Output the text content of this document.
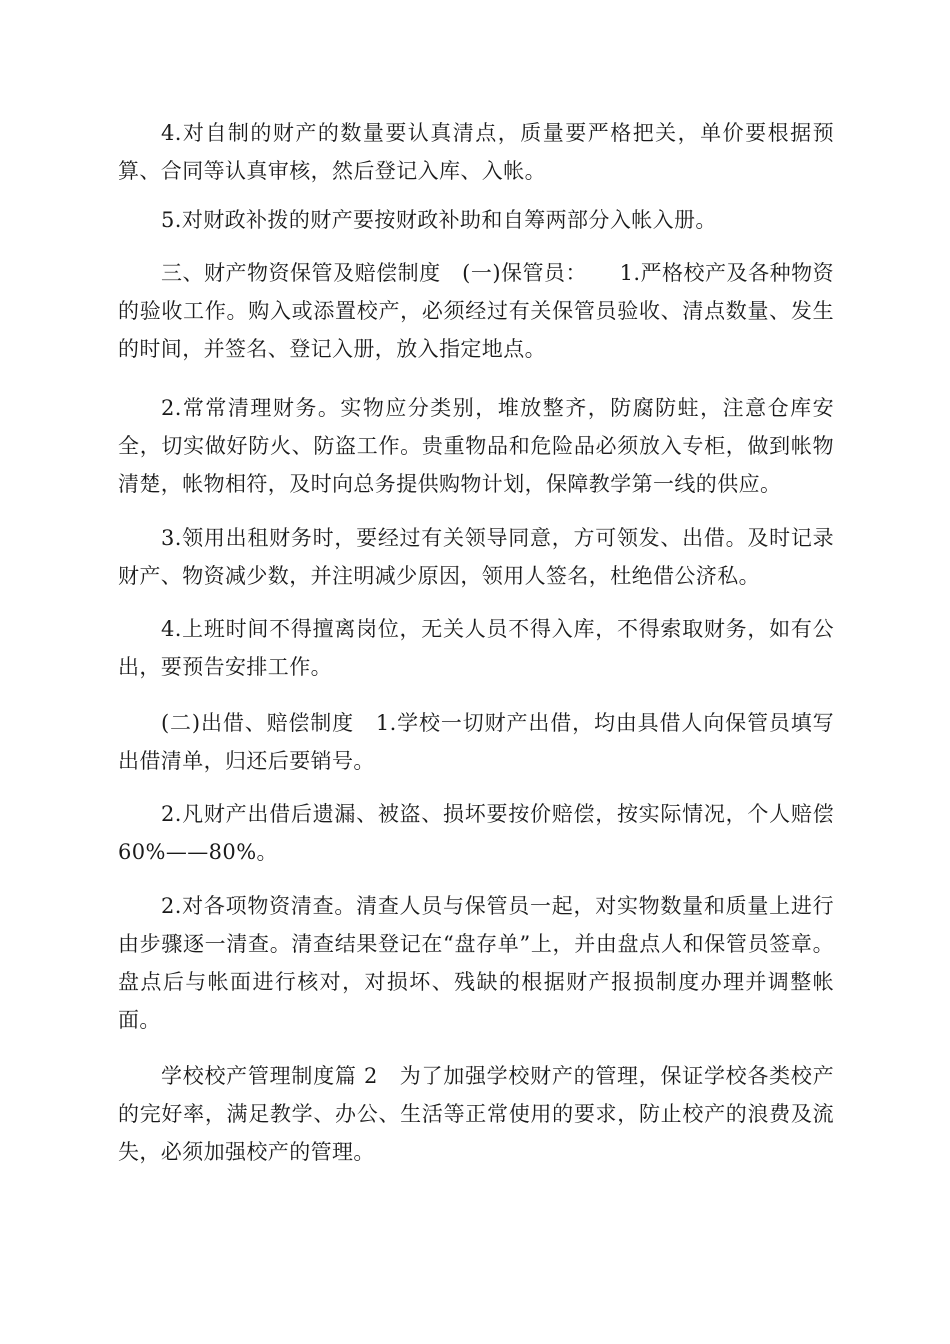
4.对自制的财产的数量要认真清点，质量要严格把关，单价要根据预算、合同等认真审核，然后登记入库、入帐。

5.对财政补拨的财产要按财政补助和自筹两部分入帐入册。

三、财产物资保管及赔偿制度　(一)保管员：　　1.严格校产及各种物资的验收工作。购入或添置校产，必须经过有关保管员验收、清点数量、发生的时间，并签名、登记入册，放入指定地点。

2.常常清理财务。实物应分类别，堆放整齐，防腐防蛀，注意仓库安全，切实做好防火、防盗工作。贵重物品和危险品必须放入专柜，做到帐物清楚，帐物相符，及时向总务提供购物计划，保障教学第一线的供应。

3.领用出租财务时，要经过有关领导同意，方可领发、出借。及时记录财产、物资减少数，并注明减少原因，领用人签名，杜绝借公济私。

4.上班时间不得擅离岗位，无关人员不得入库，不得索取财务，如有公出，要预告安排工作。

(二)出借、赔偿制度　1.学校一切财产出借，均由具借人向保管员填写出借清单，归还后要销号。

2.凡财产出借后遗漏、被盗、损坏要按价赔偿，按实际情况，个人赔偿 60%——80%。

2.对各项物资清查。清查人员与保管员一起，对实物数量和质量上进行由步骤逐一清查。清查结果登记在“盘存单”上，并由盘点人和保管员签章。盘点后与帐面进行核对，对损坏、残缺的根据财产报损制度办理并调整帐面。

学校校产管理制度篇 2　为了加强学校财产的管理，保证学校各类校产的完好率，满足教学、办公、生活等正常使用的要求，防止校产的浪费及流失，必须加强校产的管理。
